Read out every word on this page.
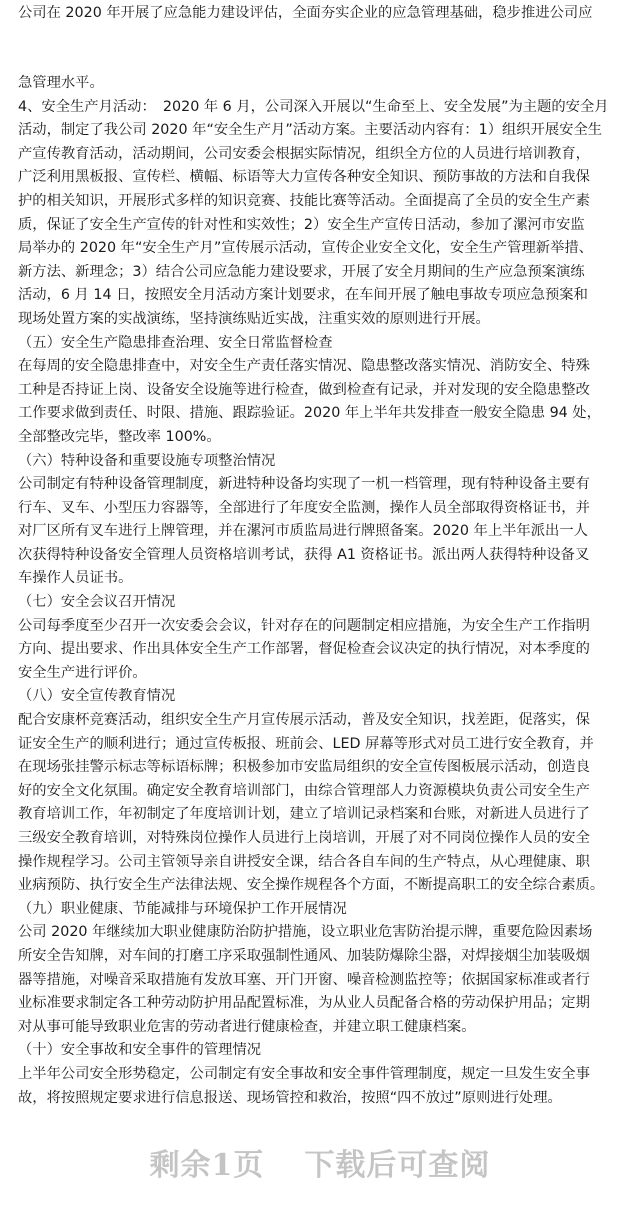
公司在 2020 年开展了应急能力建设评估，全面夯实企业的应急管理基础，稳步推进公司应
急管理水平。
4、安全生产月活动：　2020 年 6 月，公司深入开展以“生命至上、安全发展”为主题的安全月
活动，制定了我公司 2020 年“安全生产月”活动方案。主要活动内容有：1）组织开展安全生
产宣传教育活动，活动期间，公司安委会根据实际情况，组织全方位的人员进行培训教育，
广泛利用黑板报、宣传栏、横幅、标语等大力宣传各种安全知识、预防事故的方法和自我保
护的相关知识，开展形式多样的知识竞赛、技能比赛等活动。全面提高了全员的安全生产素
质，保证了安全生产宣传的针对性和实效性；2）安全生产宣传日活动，参加了漯河市安监
局举办的 2020 年“安全生产月”宣传展示活动，宣传企业安全文化，安全生产管理新举措、
新方法、新理念；3）结合公司应急能力建设要求，开展了安全月期间的生产应急预案演练
活动，6 月 14 日，按照安全月活动方案计划要求，在车间开展了触电事故专项应急预案和
现场处置方案的实战演练，坚持演练贴近实战，注重实效的原则进行开展。
（五）安全生产隐患排查治理、安全日常监督检查
在每周的安全隐患排查中，对安全生产责任落实情况、隐患整改落实情况、消防安全、特殊
工种是否持证上岗、设备安全设施等进行检查，做到检查有记录，并对发现的安全隐患整改
工作要求做到责任、时限、措施、跟踪验证。2020 年上半年共发排查一般安全隐患 94 处，
全部整改完毕，整改率 100%。
（六）特种设备和重要设施专项整治情况
公司制定有特种设备管理制度，新进特种设备均实现了一机一档管理，现有特种设备主要有
行车、叉车、小型压力容器等，全部进行了年度安全监测，操作人员全部取得资格证书，并
对厂区所有叉车进行上牌管理，并在漯河市质监局进行牌照备案。2020 年上半年派出一人
次获得特种设备安全管理人员资格培训考试，获得 A1 资格证书。派出两人获得特种设备叉
车操作人员证书。
（七）安全会议召开情况
公司每季度至少召开一次安委会会议，针对存在的问题制定相应措施，为安全生产工作指明
方向、提出要求、作出具体安全生产工作部署，督促检查会议决定的执行情况，对本季度的
安全生产进行评价。
（八）安全宣传教育情况
配合安康杯竞赛活动，组织安全生产月宣传展示活动，普及安全知识，找差距，促落实，保
证安全生产的顺利进行；通过宣传板报、班前会、LED 屏幕等形式对员工进行安全教育，并
在现场张挂警示标志等标语标牌；积极参加市安监局组织的安全宣传图板展示活动，创造良
好的安全文化氛围。确定安全教育培训部门，由综合管理部人力资源模块负责公司安全生产
教育培训工作，年初制定了年度培训计划，建立了培训记录档案和台账，对新进人员进行了
三级安全教育培训，对特殊岗位操作人员进行上岗培训，开展了对不同岗位操作人员的安全
操作规程学习。公司主管领导亲自讲授安全课，结合各自车间的生产特点，从心理健康、职
业病预防、执行安全生产法律法规、安全操作规程各个方面，不断提高职工的安全综合素质。
（九）职业健康、节能减排与环境保护工作开展情况
公司 2020 年继续加大职业健康防治防护措施，设立职业危害防治提示牌，重要危险因素场
所安全告知牌，对车间的打磨工序采取强制性通风、加装防爆除尘器，对焊接烟尘加装吸烟
器等措施，对噪音采取措施有发放耳塞、开门开窗、噪音检测监控等；依据国家标准或者行
业标准要求制定各工种劳动防护用品配置标准，为从业人员配备合格的劳动保护用品；定期
对从事可能导致职业危害的劳动者进行健康检查，并建立职工健康档案。
（十）安全事故和安全事件的管理情况
上半年公司安全形势稳定，公司制定有安全事故和安全事件管理制度，规定一旦发生安全事
故，将按照规定要求进行信息报送、现场管控和救治，按照“四不放过”原则进行处理。
剩余1页 下载后可查阅
